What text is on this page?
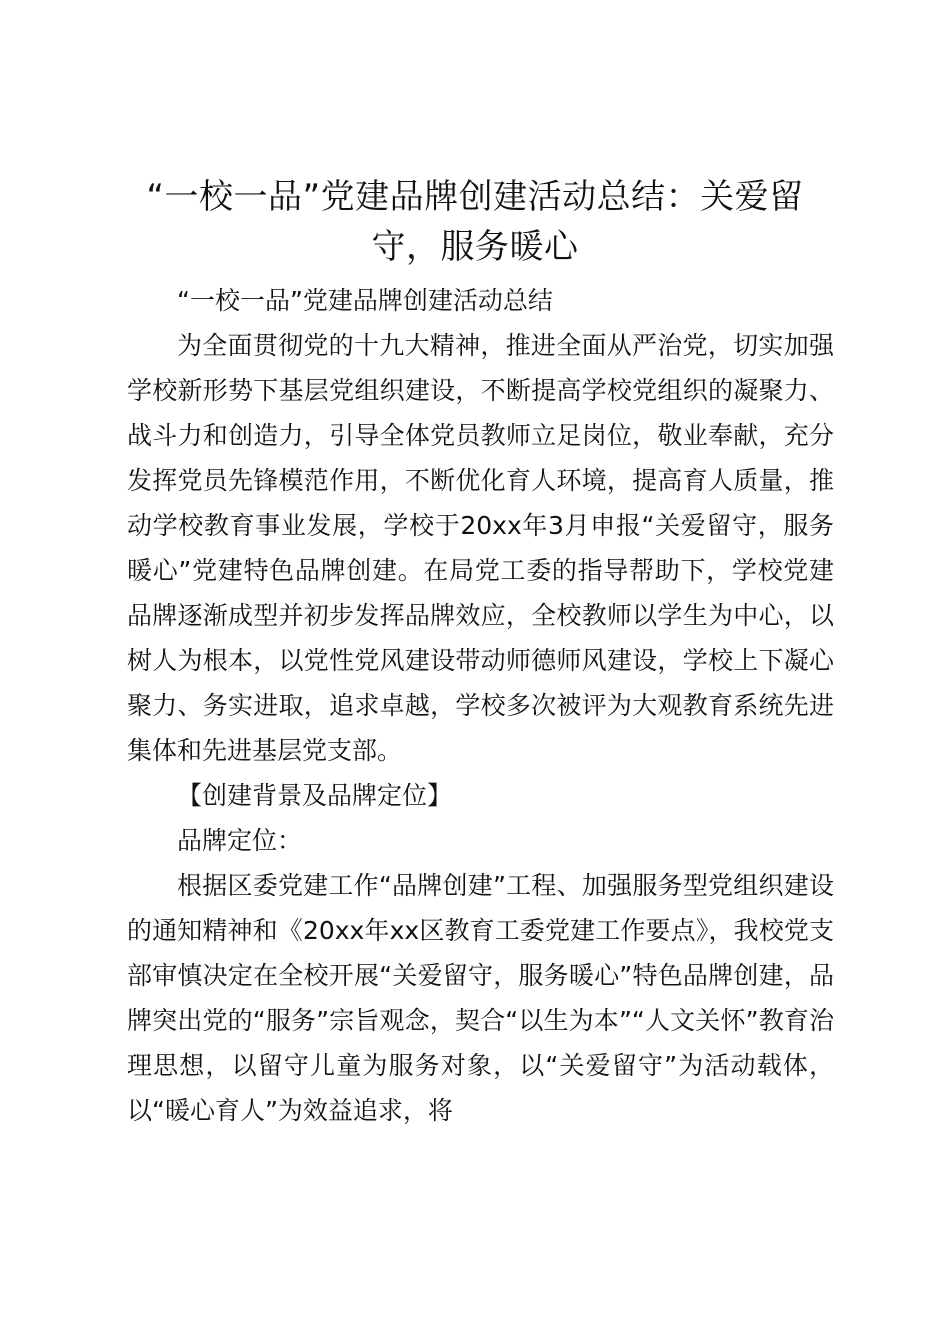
“一校一品”党建品牌创建活动总结：关爱留守，服务暖心

“一校一品”党建品牌创建活动总结

为全面贯彻党的十九大精神，推进全面从严治党，切实加强学校新形势下基层党组织建设，不断提高学校党组织的凝聚力、战斗力和创造力，引导全体党员教师立足岗位，敬业奉献，充分发挥党员先锋模范作用，不断优化育人环境，提高育人质量，推动学校教育事业发展，学校于20xx年3月申报“关爱留守，服务暖心”党建特色品牌创建。在局党工委的指导帮助下，学校党建品牌逐渐成型并初步发挥品牌效应，全校教师以学生为中心，以树人为根本，以党性党风建设带动师德师风建设，学校上下凝心聚力、务实进取，追求卓越，学校多次被评为大观教育系统先进集体和先进基层党支部。

【创建背景及品牌定位】

品牌定位：

根据区委党建工作“品牌创建”工程、加强服务型党组织建设的通知精神和《20xx年xx区教育工委党建工作要点》，我校党支部审慎决定在全校开展“关爱留守，服务暖心”特色品牌创建，品牌突出党的“服务”宗旨观念，契合“以生为本”“人文关怀”教育治理思想，以留守儿童为服务对象，以“关爱留守”为活动载体，以“暖心育人”为效益追求，将
